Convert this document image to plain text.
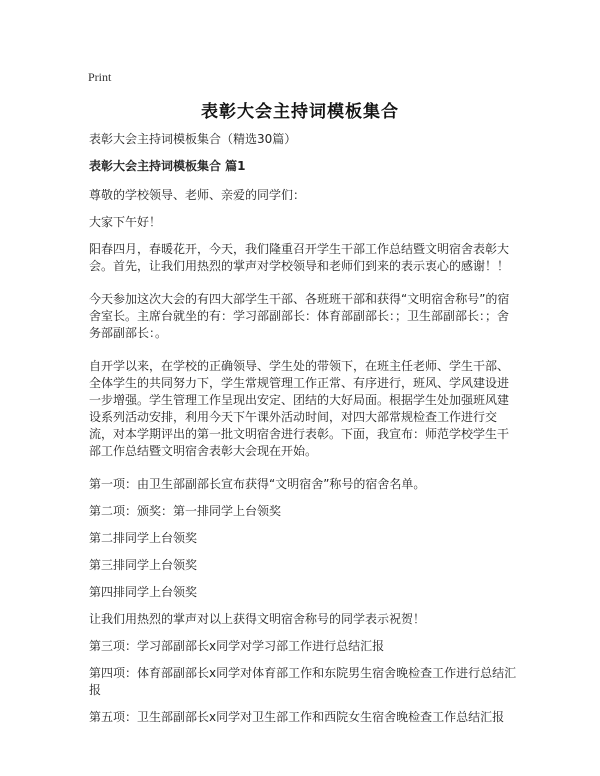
Print
表彰大会主持词模板集合

表彰大会主持词模板集合（精选30篇）

表彰大会主持词模板集合 篇1

尊敬的学校领导、老师、亲爱的同学们：

大家下午好！

阳春四月，春暖花开，今天，我们隆重召开学生干部工作总结暨文明宿舍表彰大会。首先，让我们用热烈的掌声对学校领导和老师们到来的表示衷心的感谢！！

今天参加这次大会的有四大部学生干部、各班班干部和获得“文明宿舍称号”的宿舍室长。主席台就坐的有：学习部副部长：体育部副部长：；卫生部副部长：；舍务部副部长：。

自开学以来，在学校的正确领导、学生处的带领下，在班主任老师、学生干部、全体学生的共同努力下，学生常规管理工作正常、有序进行，班风、学风建设进一步增强。学生管理工作呈现出安定、团结的大好局面。根据学生处加强班风建设系列活动安排，利用今天下午课外活动时间，对四大部常规检查工作进行交流，对本学期评出的第一批文明宿舍进行表彰。下面，我宣布：师范学校学生干部工作总结暨文明宿舍表彰大会现在开始。

第一项：由卫生部副部长宣布获得“文明宿舍”称号的宿舍名单。

第二项：颁奖：第一排同学上台领奖

第二排同学上台领奖

第三排同学上台领奖

第四排同学上台领奖

让我们用热烈的掌声对以上获得文明宿舍称号的同学表示祝贺！

第三项：学习部副部长x同学对学习部工作进行总结汇报

第四项：体育部副部长x同学对体育部工作和东院男生宿舍晚检查工作进行总结汇报

第五项：卫生部副部长x同学对卫生部工作和西院女生宿舍晚检查工作总结汇报
